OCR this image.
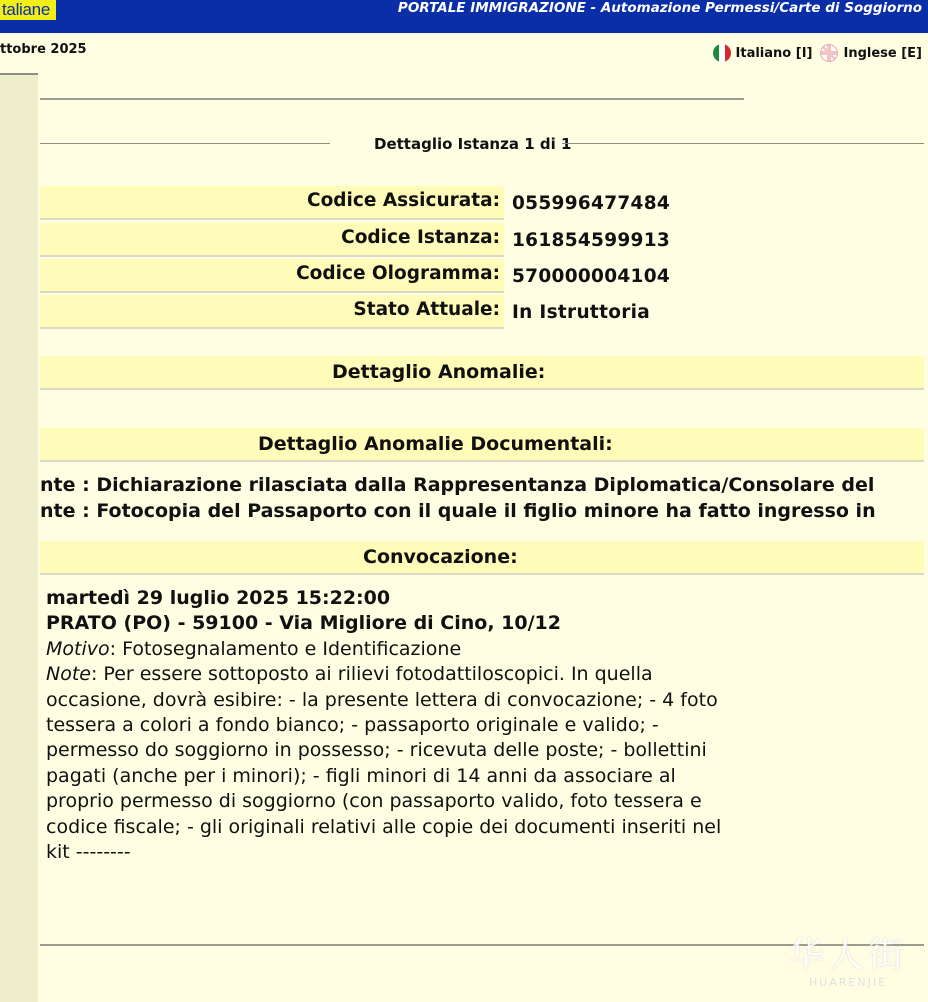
taliane	PORTALE IMMIGRAZIONE - Automazione Permessi/Carte di Soggiorno
ttobre 2025	Italiano [I] Inglese [E]
Dettaglio Istanza 1 di 1
Codice Assicurata: 055996477484
Codice Istanza: 161854599913
Codice Ologramma: 570000004104
Stato Attuale: In Istruttoria
Dettaglio Anomalie:
Dettaglio Anomalie Documentali:
nte : Dichiarazione rilasciata dalla Rappresentanza Diplomatica/Consolare del
nte : Fotocopia del Passaporto con il quale il figlio minore ha fatto ingresso in
Convocazione:
martedì 29 luglio 2025 15:22:00
PRATO (PO) - 59100 - Via Migliore di Cino, 10/12
Motivo: Fotosegnalamento e Identificazione
Note: Per essere sottoposto ai rilievi fotodattiloscopici. In quella
occasione, dovrà esibire: - la presente lettera di convocazione; - 4 foto
tessera a colori a fondo bianco; - passaporto originale e valido; -
permesso do soggiorno in possesso; - ricevuta delle poste; - bollettini
pagati (anche per i minori); - figli minori di 14 anni da associare al
proprio permesso di soggiorno (con passaporto valido, foto tessera e
codice fiscale; - gli originali relativi alle copie dei documenti inseriti nel
kit --------
华人街
HUARENJIE
